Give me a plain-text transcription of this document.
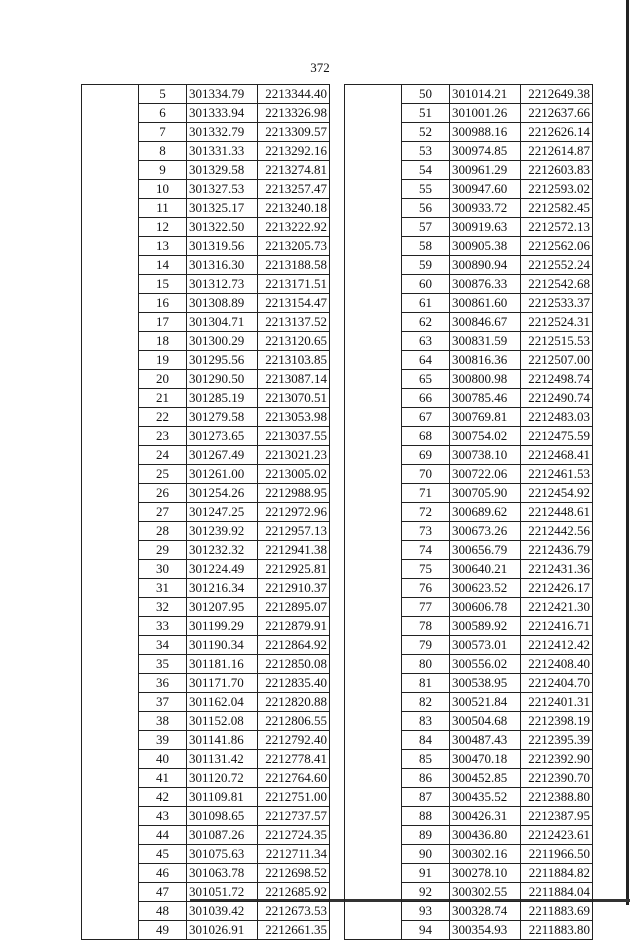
372
	5	301334.79	2213344.40
	6	301333.94	2213326.98
	7	301332.79	2213309.57
	8	301331.33	2213292.16
	9	301329.58	2213274.81
	10	301327.53	2213257.47
	11	301325.17	2213240.18
	12	301322.50	2213222.92
	13	301319.56	2213205.73
	14	301316.30	2213188.58
	15	301312.73	2213171.51
	16	301308.89	2213154.47
	17	301304.71	2213137.52
	18	301300.29	2213120.65
	19	301295.56	2213103.85
	20	301290.50	2213087.14
	21	301285.19	2213070.51
	22	301279.58	2213053.98
	23	301273.65	2213037.55
	24	301267.49	2213021.23
	25	301261.00	2213005.02
	26	301254.26	2212988.95
	27	301247.25	2212972.96
	28	301239.92	2212957.13
	29	301232.32	2212941.38
	30	301224.49	2212925.81
	31	301216.34	2212910.37
	32	301207.95	2212895.07
	33	301199.29	2212879.91
	34	301190.34	2212864.92
	35	301181.16	2212850.08
	36	301171.70	2212835.40
	37	301162.04	2212820.88
	38	301152.08	2212806.55
	39	301141.86	2212792.40
	40	301131.42	2212778.41
	41	301120.72	2212764.60
	42	301109.81	2212751.00
	43	301098.65	2212737.57
	44	301087.26	2212724.35
	45	301075.63	2212711.34
	46	301063.78	2212698.52
	47	301051.72	2212685.92
	48	301039.42	2212673.53
	49	301026.91	2212661.35
	50	301014.21	2212649.38
	51	301001.26	2212637.66
	52	300988.16	2212626.14
	53	300974.85	2212614.87
	54	300961.29	2212603.83
	55	300947.60	2212593.02
	56	300933.72	2212582.45
	57	300919.63	2212572.13
	58	300905.38	2212562.06
	59	300890.94	2212552.24
	60	300876.33	2212542.68
	61	300861.60	2212533.37
	62	300846.67	2212524.31
	63	300831.59	2212515.53
	64	300816.36	2212507.00
	65	300800.98	2212498.74
	66	300785.46	2212490.74
	67	300769.81	2212483.03
	68	300754.02	2212475.59
	69	300738.10	2212468.41
	70	300722.06	2212461.53
	71	300705.90	2212454.92
	72	300689.62	2212448.61
	73	300673.26	2212442.56
	74	300656.79	2212436.79
	75	300640.21	2212431.36
	76	300623.52	2212426.17
	77	300606.78	2212421.30
	78	300589.92	2212416.71
	79	300573.01	2212412.42
	80	300556.02	2212408.40
	81	300538.95	2212404.70
	82	300521.84	2212401.31
	83	300504.68	2212398.19
	84	300487.43	2212395.39
	85	300470.18	2212392.90
	86	300452.85	2212390.70
	87	300435.52	2212388.80
	88	300426.31	2212387.95
	89	300436.80	2212423.61
	90	300302.16	2211966.50
	91	300278.10	2211884.82
	92	300302.55	2211884.04
	93	300328.74	2211883.69
	94	300354.93	2211883.80
